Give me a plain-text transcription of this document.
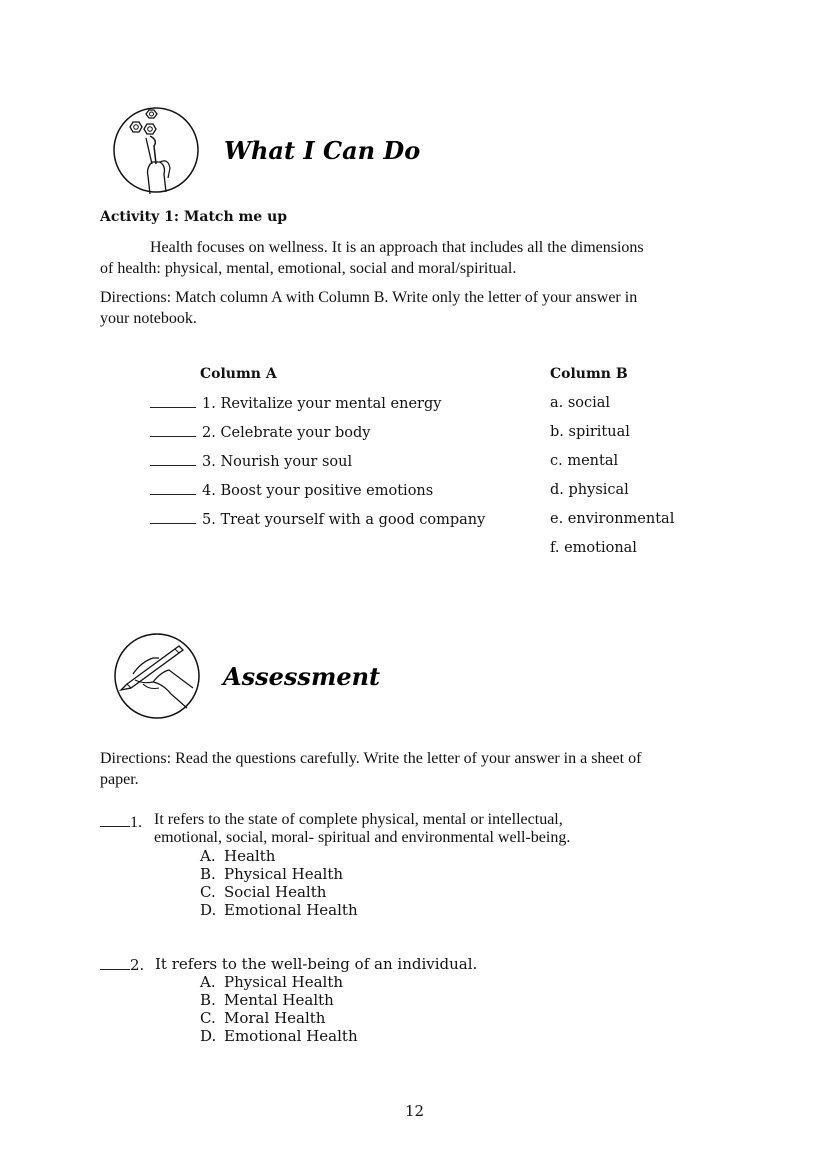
What I Can Do
Activity 1: Match me up
Health focuses on wellness. It is an approach that includes all the dimensions
of health: physical, mental, emotional, social and moral/spiritual.
Directions: Match column A with Column B. Write only the letter of your answer in
your notebook.
Column A	Column B
1. Revitalize your mental energy
2. Celebrate your body
3. Nourish your soul
4. Boost your positive emotions
5. Treat yourself with a good company
a. social
b. spiritual
c. mental
d. physical
e. environmental
f. emotional
Assessment
Directions: Read the questions carefully. Write the letter of your answer in a sheet of
paper.
1. It refers to the state of complete physical, mental or intellectual,
emotional, social, moral- spiritual and environmental well-being.
A. Health
B. Physical Health
C. Social Health
D. Emotional Health
2. It refers to the well-being of an individual.
A. Physical Health
B. Mental Health
C. Moral Health
D. Emotional Health
12
